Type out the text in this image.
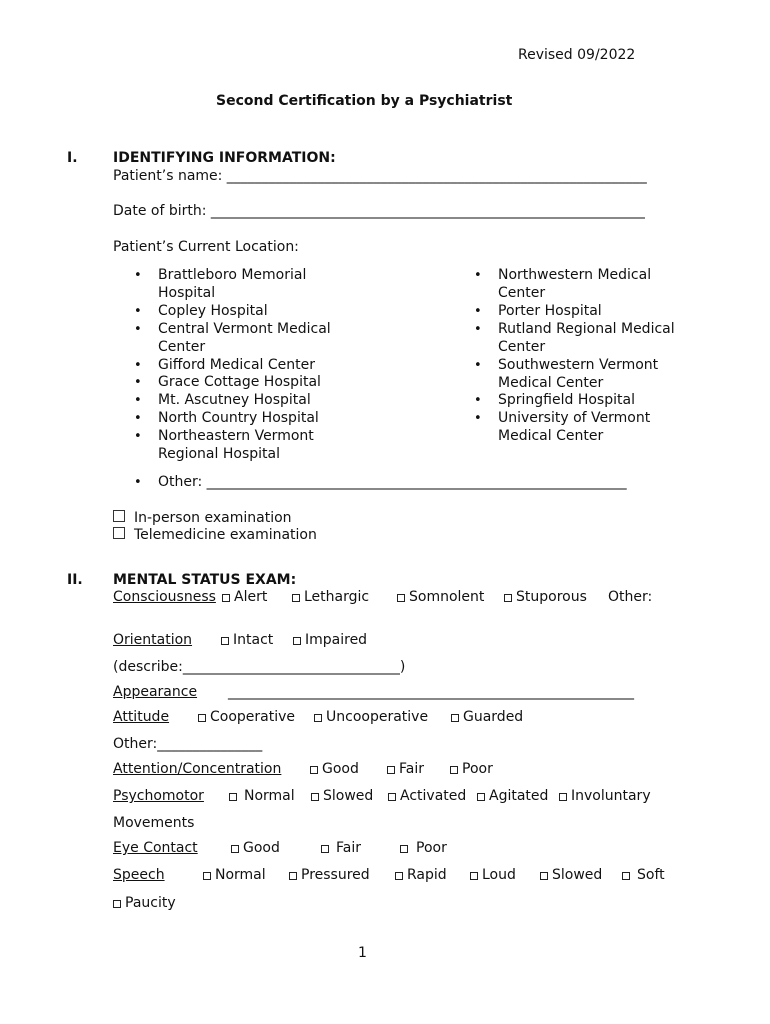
Revised 09/2022
Second Certification by a Psychiatrist
I.	IDENTIFYING INFORMATION:
Patient’s name: ____________________________________________________________
Date of birth: ______________________________________________________________
Patient’s Current Location:
• Brattleboro Memorial
Hospital
• Copley Hospital
• Central Vermont Medical
Center
• Gifford Medical Center
• Grace Cottage Hospital
• Mt. Ascutney Hospital
• North Country Hospital
• Northeastern Vermont
Regional Hospital
• Northwestern Medical
Center
• Porter Hospital
• Rutland Regional Medical
Center
• Southwestern Vermont
Medical Center
• Springfield Hospital
• University of Vermont
Medical Center
• Other: ____________________________________________________________
In-person examination
Telemedicine examination
II. MENTAL STATUS EXAM:
Consciousness	Alert	Lethargic	Somnolent	Stuporous Other:
Orientation	Intact	Impaired
(describe:_______________________________)
Appearance __________________________________________________________
Attitude	Cooperative	Uncooperative	Guarded
Other:_______________
Attention/Concentration	Good	Fair	Poor
Psychomotor	Normal	Slowed	Activated	Agitated	Involuntary
Movements
Eye Contact	Good	Fair	Poor
Speech	Normal	Pressured	Rapid	Loud	Slowed	Soft
Paucity
1
